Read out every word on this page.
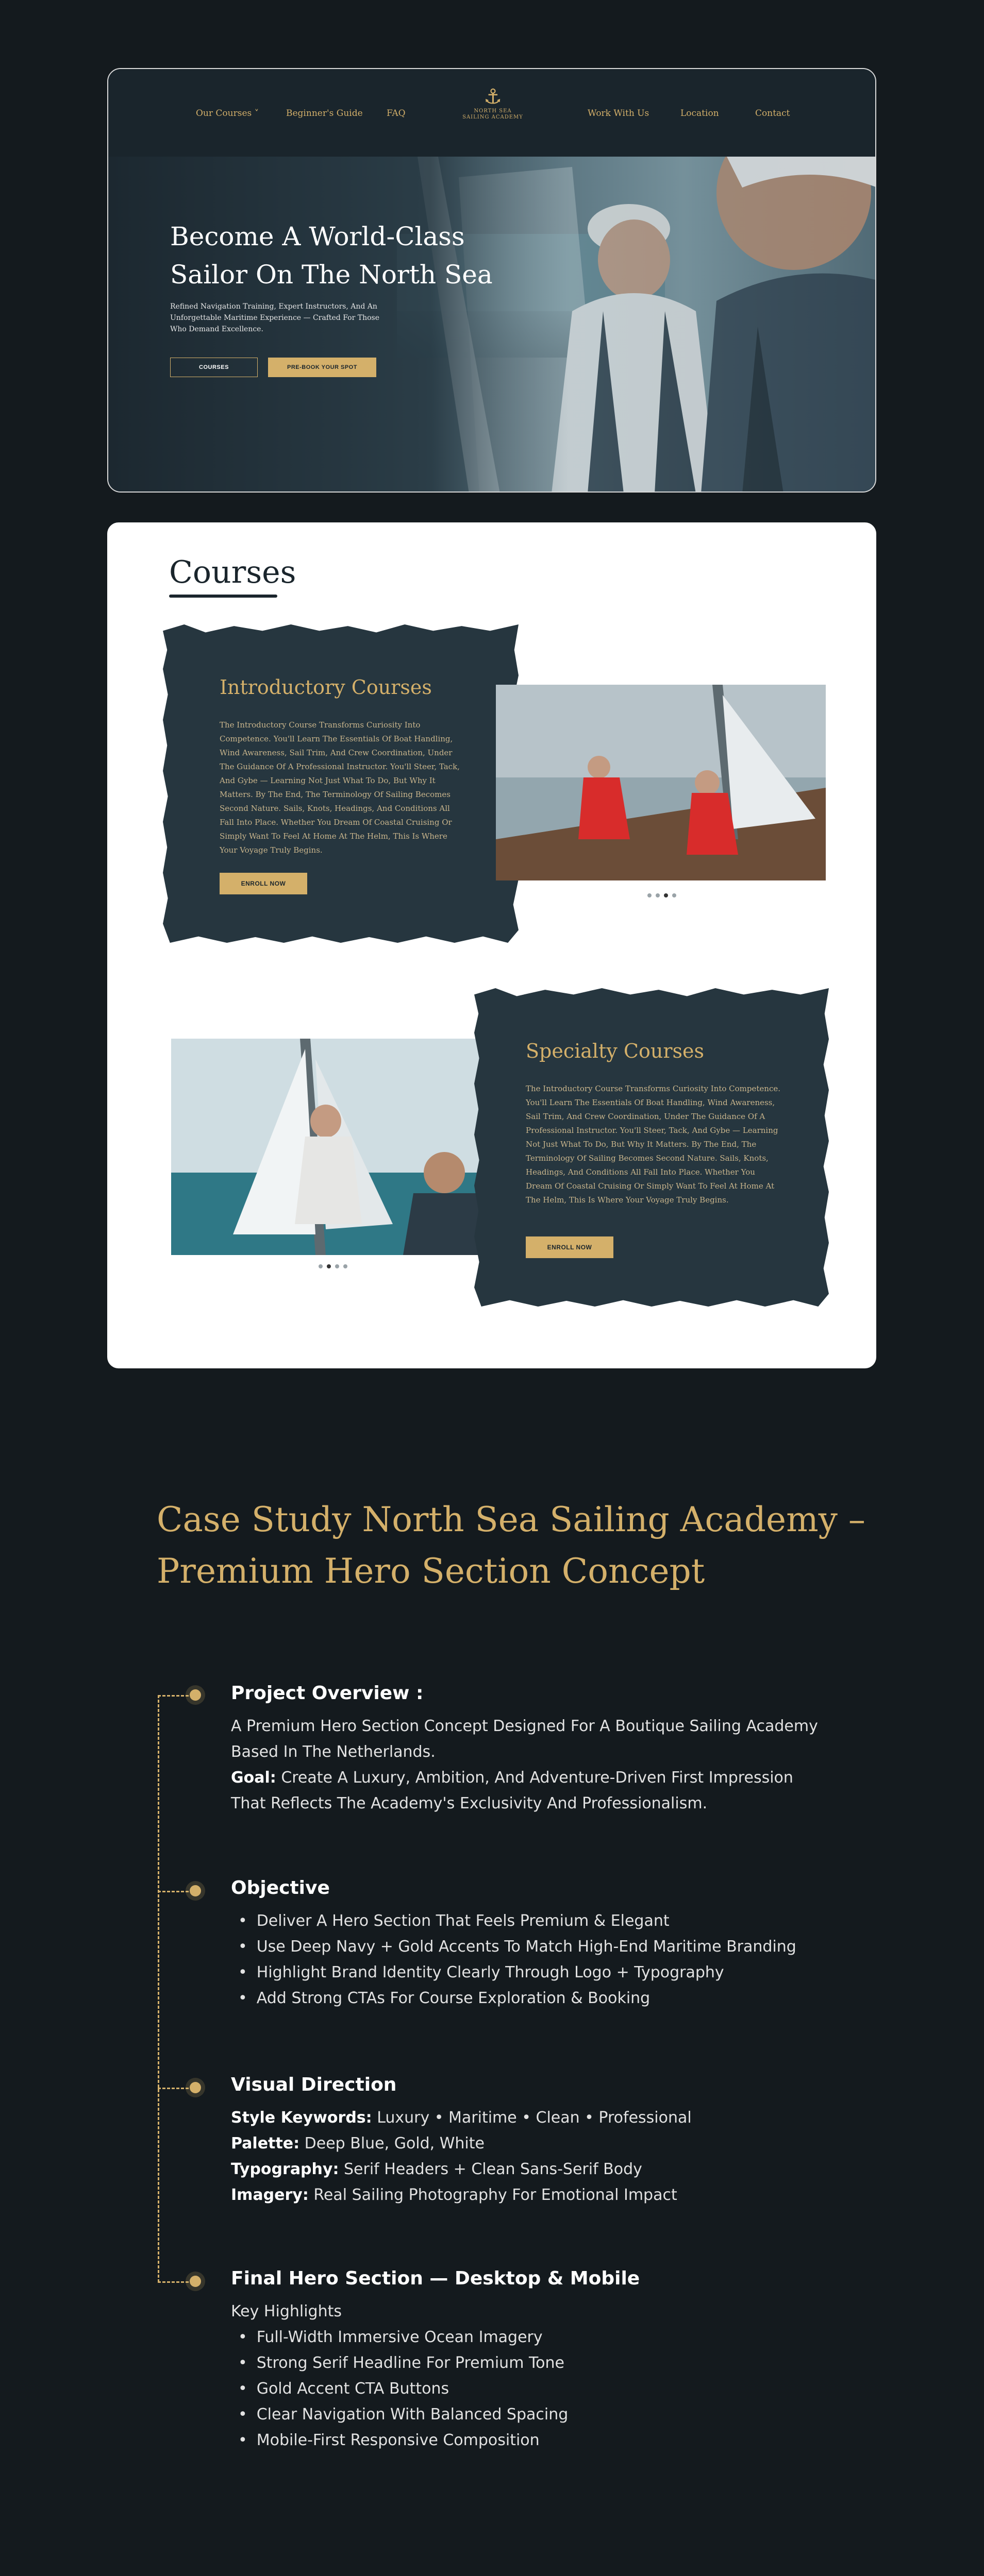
Our Courses ˅	Beginner's Guide	FAQ
⚓
NORTH SEA
SAILING ACADEMY	Work With Us	Location	Contact
Become A World-Class Sailor On The North Sea
Refined Navigation Training, Expert Instructors, And An Unforgettable Maritime Experience — Crafted For Those Who Demand Excellence.
COURSES	PRE-BOOK YOUR SPOT
Courses
Introductory Courses
The Introductory Course Transforms Curiosity Into Competence. You'll Learn The Essentials Of Boat Handling, Wind Awareness, Sail Trim, And Crew Coordination, Under The Guidance Of A Professional Instructor. You'll Steer, Tack, And Gybe — Learning Not Just What To Do, But Why It Matters. By The End, The Terminology Of Sailing Becomes Second Nature. Sails, Knots, Headings, And Conditions All Fall Into Place. Whether You Dream Of Coastal Cruising Or Simply Want To Feel At Home At The Helm, This Is Where Your Voyage Truly Begins.
ENROLL NOW
Specialty Courses
The Introductory Course Transforms Curiosity Into Competence. You'll Learn The Essentials Of Boat Handling, Wind Awareness, Sail Trim, And Crew Coordination, Under The Guidance Of A Professional Instructor. You'll Steer, Tack, And Gybe — Learning Not Just What To Do, But Why It Matters. By The End, The Terminology Of Sailing Becomes Second Nature. Sails, Knots, Headings, And Conditions All Fall Into Place. Whether You Dream Of Coastal Cruising Or Simply Want To Feel At Home At The Helm, This Is Where Your Voyage Truly Begins.
ENROLL NOW
Case Study North Sea Sailing Academy –
Premium Hero Section Concept
Project Overview :
A Premium Hero Section Concept Designed For A Boutique Sailing Academy Based In The Netherlands.
Goal: Create A Luxury, Ambition, And Adventure-Driven First Impression That Reflects The Academy's Exclusivity And Professionalism.
Objective
• Deliver A Hero Section That Feels Premium & Elegant
• Use Deep Navy + Gold Accents To Match High-End Maritime Branding
• Highlight Brand Identity Clearly Through Logo + Typography
• Add Strong CTAs For Course Exploration & Booking
Visual Direction
Style Keywords: Luxury • Maritime • Clean • Professional
Palette: Deep Blue, Gold, White
Typography: Serif Headers + Clean Sans-Serif Body
Imagery: Real Sailing Photography For Emotional Impact
Final Hero Section — Desktop & Mobile
Key Highlights
• Full-Width Immersive Ocean Imagery
• Strong Serif Headline For Premium Tone
• Gold Accent CTA Buttons
• Clear Navigation With Balanced Spacing
• Mobile-First Responsive Composition
